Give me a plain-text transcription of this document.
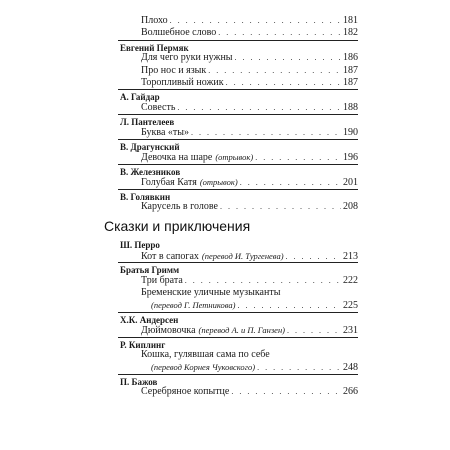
Плохо . . .	181
Волшебное слово . . .	182
Евгений Пермяк
Для чего руки нужны . . .	186
Про нос и язык . . .	187
Торопливый ножик . . .	187
А. Гайдар
Совесть . . .	188
Л. Пантелеев
Буква «ты» . . .	190
В. Драгунский
Девочка на шаре (отрывок) . . .	196
В. Железников
Голубая Катя (отрывок) . . .	201
В. Голявкин
Карусель в голове . . .	208
Сказки и приключения
Ш. Перро
Кот в сапогах (перевод И. Тургенева) . . .	213
Братья Гримм
Три брата . . .	222
Бременские уличные музыканты
(перевод Г. Петникова) . . .	225
Х.К. Андерсен
Дюймовочка (перевод А. и П. Ганзен) . . .	231
Р. Киплинг
Кошка, гулявшая сама по себе
(перевод Корнея Чуковского) . . .	248
П. Бажов
Серебряное копытце . . .	266
